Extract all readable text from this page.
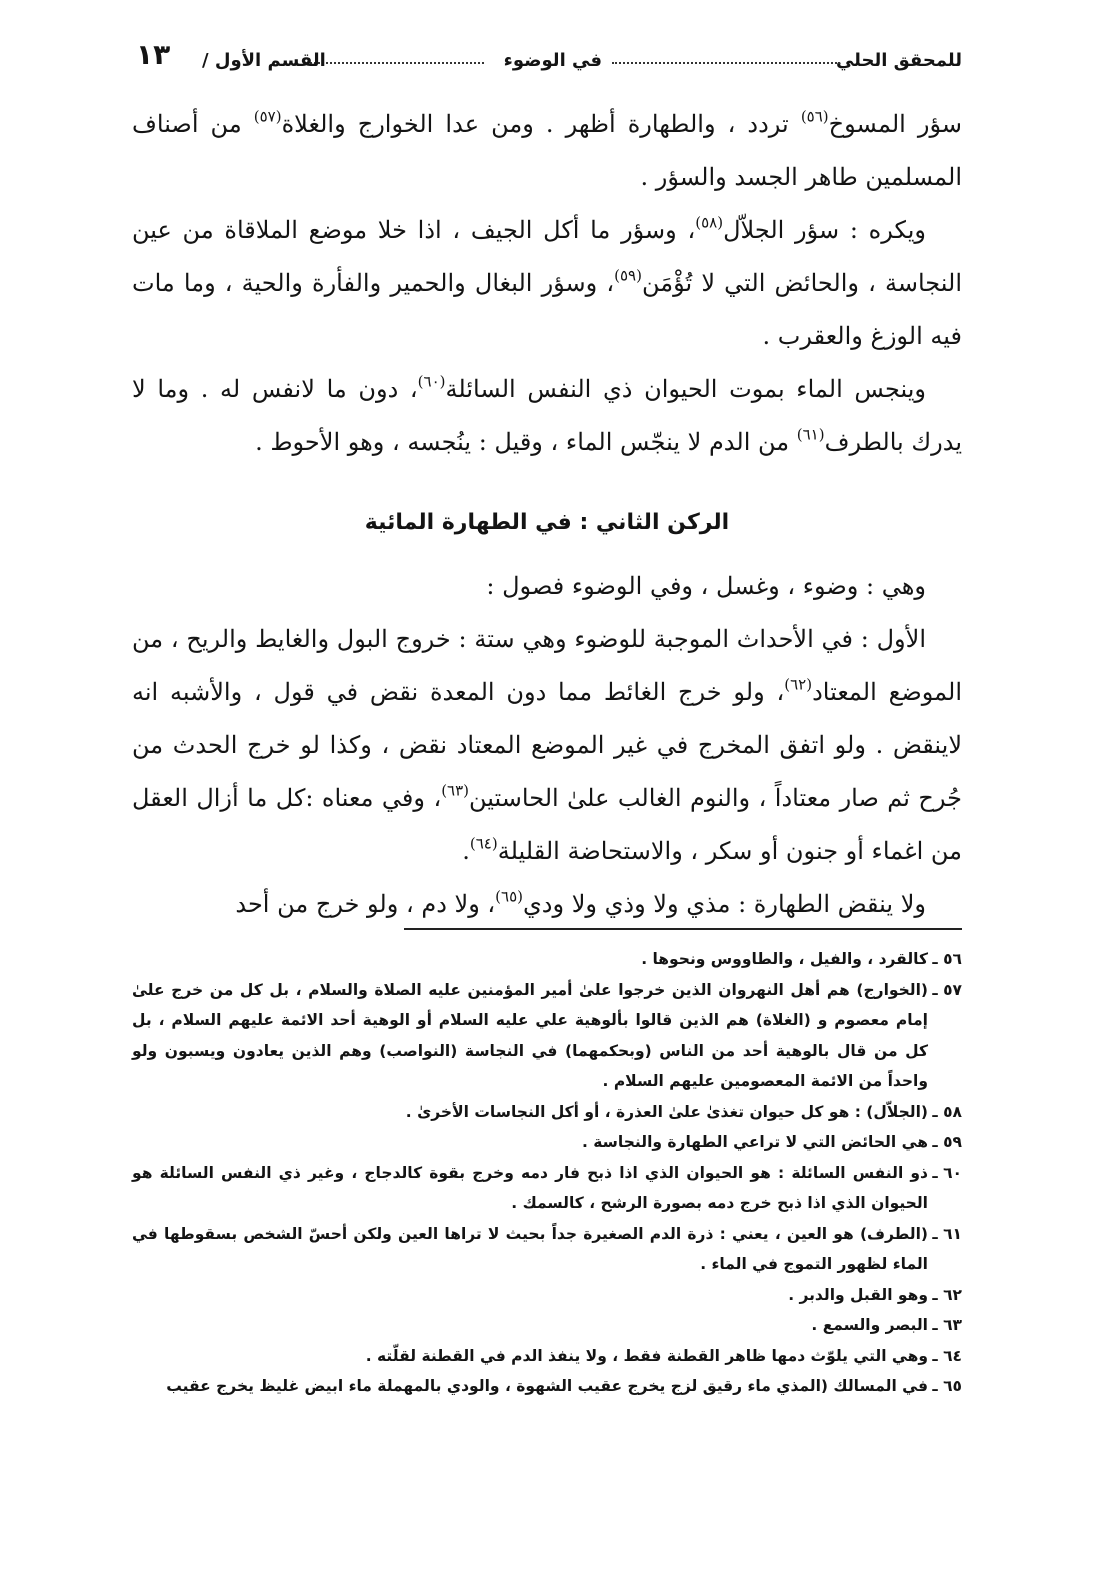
للمحقق الحلي
في الوضوء
القسم الأول /
١٣

سؤر المسوخ$^{(٥٦)}$ تردد ، والطهارة أظهر . ومن عدا الخوارج والغلاة$^{(٥٧)}$ من أصناف المسلمين طاهر الجسد والسؤر .

ويكره : سؤر الجلاّل$^{(٥٨)}$، وسؤر ما أكل الجيف ، اذا خلا موضع الملاقاة من عين النجاسة ، والحائض التي لا تُؤْمَن$^{(٥٩)}$، وسؤر البغال والحمير والفأرة والحية ، وما مات فيه الوزغ والعقرب .

وينجس الماء بموت الحيوان ذي النفس السائلة$^{(٦٠)}$، دون ما لانفس له . وما لا يدرك بالطرف$^{(٦١)}$ من الدم لا ينجّس الماء ، وقيل : ينُجسه ، وهو الأحوط .

الركن الثاني : في الطهارة المائية

وهي : وضوء ، وغسل ، وفي الوضوء فصول :

الأول : في الأحداث الموجبة للوضوء وهي ستة : خروج البول والغايط والريح ، من الموضع المعتاد$^{(٦٢)}$، ولو خرج الغائط مما دون المعدة نقض في قول ، والأشبه انه لاينقض . ولو اتفق المخرج في غير الموضع المعتاد نقض ، وكذا لو خرج الحدث من جُرح ثم صار معتاداً ، والنوم الغالب علىٰ الحاستين$^{(٦٣)}$، وفي معناه :كل ما أزال العقل من اغماء أو جنون أو سكر ، والاستحاضة القليلة$^{(٦٤)}$.

ولا ينقض الطهارة : مذي ولا وذي ولا ودي$^{(٦٥)}$، ولا دم ، ولو خرج من أحد

٥٦ ـ
كالقرد ، والفيل ، والطاووس ونحوها .

٥٧ ـ
(الخوارج) هم أهل النهروان الذين خرجوا علىٰ أمير المؤمنين عليه الصلاة والسلام ، بل كل من خرج علىٰ إمام معصوم و (الغلاة) هم الذين قالوا بألوهية علي عليه السلام أو الوهية أحد الائمة عليهم السلام ، بل كل من قال بالوهية أحد من الناس (وبحكمهما) في النجاسة (النواصب) وهم الذين يعادون ويسبون ولو واحداً من الائمة المعصومين عليهم السلام .

٥٨ ـ
(الجلاّل) : هو كل حيوان تغذىٰ علىٰ العذرة ، أو أكل النجاسات الأخرىٰ .

٥٩ ـ
هي الحائض التي لا تراعي الطهارة والنجاسة .

٦٠ ـ
ذو النفس السائلة : هو الحيوان الذي اذا ذبح فار دمه وخرج بقوة كالدجاج ، وغير ذي النفس السائلة هو الحيوان الذي اذا ذبح خرج دمه بصورة الرشح ، كالسمك .

٦١ ـ
(الطرف) هو العين ، يعني : ذرة الدم الصغيرة جداً بحيث لا تراها العين ولكن أحسّ الشخص بسقوطها في الماء لظهور التموج في الماء .

٦٢ ـ
وهو القبل والدبر .

٦٣ ـ
البصر والسمع .

٦٤ ـ
وهي التي يلوّث دمها ظاهر القطنة فقط ، ولا ينفذ الدم في القطنة لقلّته .

٦٥ ـ
في المسالك (المذي ماء رقيق لزج يخرج عقيب الشهوة ، والودي بالمهملة ماء ابيض غليظ يخرج عقيب
